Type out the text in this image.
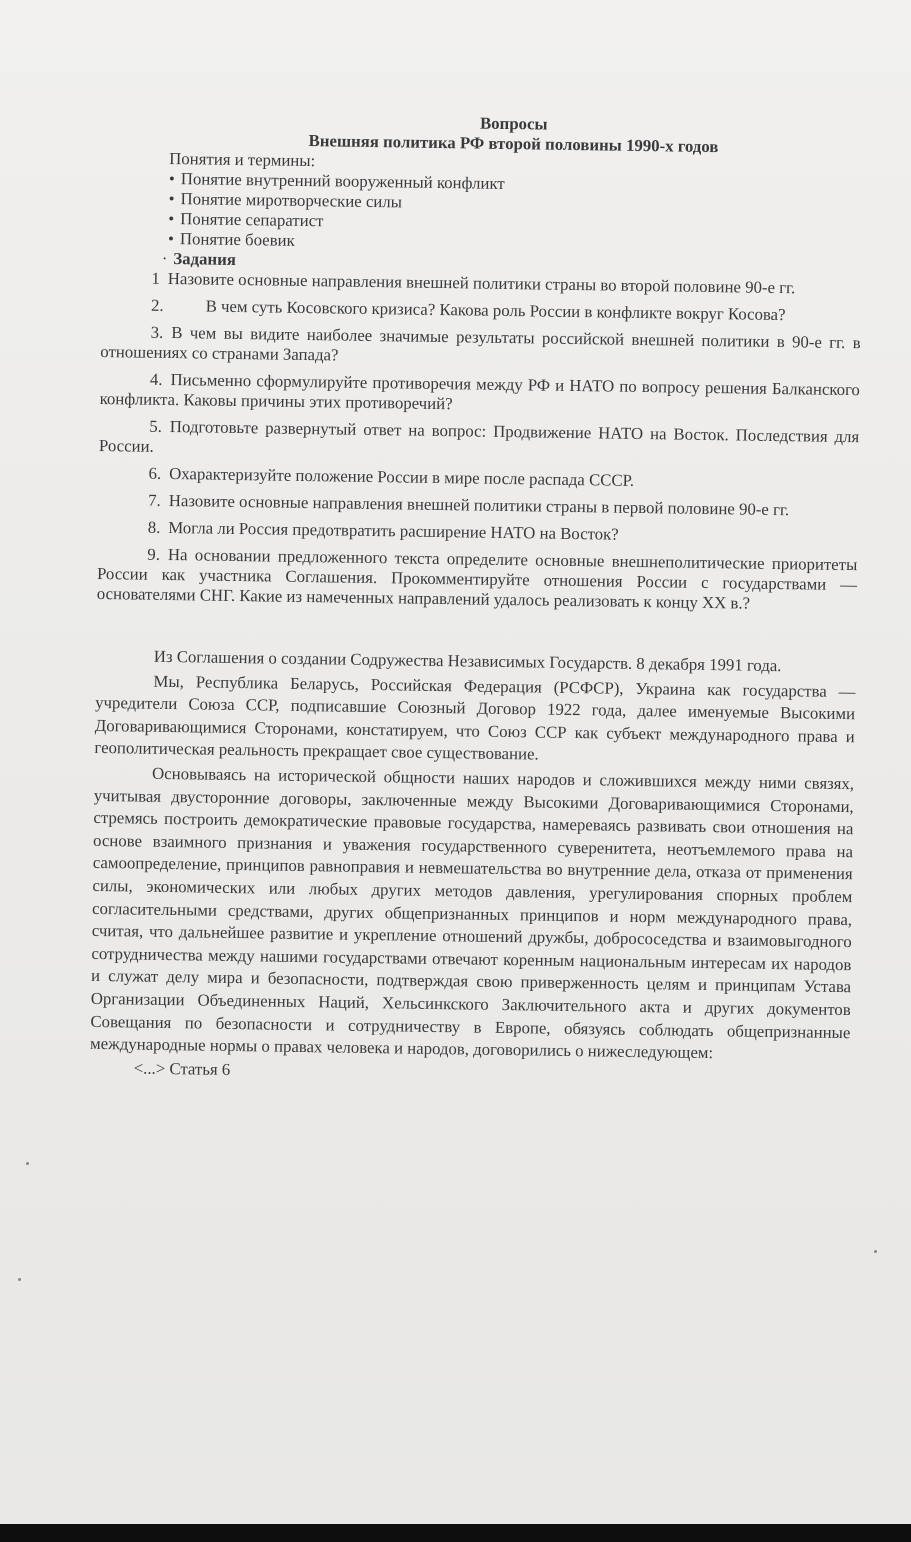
Вопросы
Внешняя политика РФ второй половины 1990-х годов
Понятия и термины:
• Понятие внутренний вооруженный конфликт
• Понятие миротворческие силы
• Понятие сепаратист
• Понятие боевик
· Задания
1 Назовите основные направления внешней политики страны во второй половине 90-е гг.
2. В чем суть Косовского кризиса? Какова роль России в конфликте вокруг Косова?
3. В чем вы видите наиболее значимые результаты российской внешней политики в 90-е гг. в отношениях со странами Запада?
4. Письменно сформулируйте противоречия между РФ и НАТО по вопросу решения Балканского конфликта. Каковы причины этих противоречий?
5. Подготовьте развернутый ответ на вопрос: Продвижение НАТО на Восток. Последствия для России.
6. Охарактеризуйте положение России в мире после распада СССР.
7. Назовите основные направления внешней политики страны в первой половине 90-е гг.
8. Могла ли Россия предотвратить расширение НАТО на Восток?
9. На основании предложенного текста определите основные внешнеполитические приоритеты России как участника Соглашения. Прокомментируйте отношения России с государствами — основателями СНГ. Какие из намеченных направлений удалось реализовать к концу XX в.?
Из Соглашения о создании Содружества Независимых Государств. 8 декабря 1991 года.
Мы, Республика Беларусь, Российская Федерация (РСФСР), Украина как государства — учредители Союза ССР, подписавшие Союзный Договор 1922 года, далее именуемые Высокими Договаривающимися Сторонами, констатируем, что Союз ССР как субъект международного права и геополитическая реальность прекращает свое существование.
Основываясь на исторической общности наших народов и сложившихся между ними связях, учитывая двусторонние договоры, заключенные между Высокими Договаривающимися Сторонами, стремясь построить демократические правовые государства, намереваясь развивать свои отношения на основе взаимного признания и уважения государственного суверенитета, неотъемлемого права на самоопределение, принципов равноправия и невмешательства во внутренние дела, отказа от применения силы, экономических или любых других методов давления, урегулирования спорных проблем согласительными средствами, других общепризнанных принципов и норм международного права, считая, что дальнейшее развитие и укрепление отношений дружбы, добрососедства и взаимовыгодного сотрудничества между нашими государствами отвечают коренным национальным интересам их народов и служат делу мира и безопасности, подтверждая свою приверженность целям и принципам Устава Организации Объединенных Наций, Хельсинкского Заключительного акта и других документов Совещания по безопасности и сотрудничеству в Европе, обязуясь соблюдать общепризнанные международные нормы о правах человека и народов, договорились о нижеследующем:
<...> Статья 6
